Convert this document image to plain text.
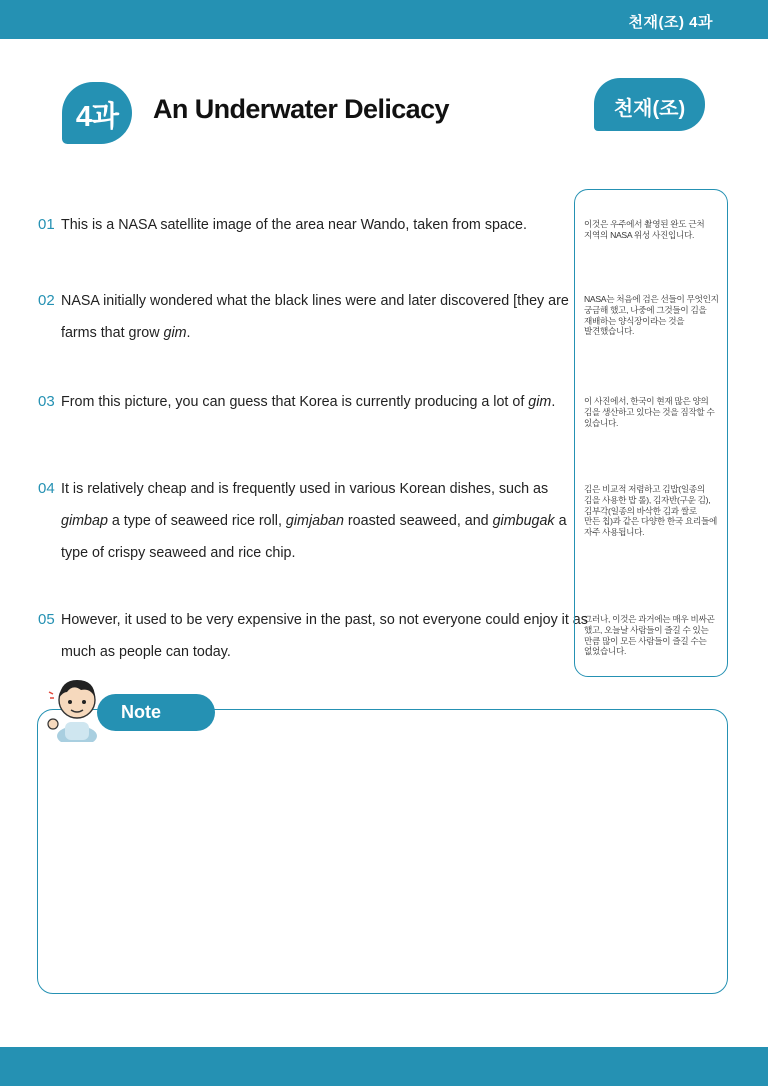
천재(조) 4과
4과	An Underwater Delicacy	천재(조)
01 This is a NASA satellite image of the area near Wando, taken from space.
02 NASA initially wondered what the black lines were and later discovered [they are
farms that grow gim.
03 From this picture, you can guess that Korea is currently producing a lot of gim.
04 It is relatively cheap and is frequently used in various Korean dishes, such as
gimbap a type of seaweed rice roll, gimjaban roasted seaweed, and gimbugak a
type of crispy seaweed and rice chip.
05 However, it used to be very expensive in the past, so not everyone could enjoy it as
much as people can today.
이것은 우주에서 촬영된 완도 근처
지역의 NASA 위성 사진입니다.
NASA는 처음에 검은 선들이 무엇인지
궁금해 했고, 나중에 그것들이 김을
재배하는 양식장이라는 것을
발견했습니다.
이 사진에서, 한국이 현재 많은 양의
김을 생산하고 있다는 것을 짐작할 수
있습니다.
김은 비교적 저렴하고 김밥(일종의
김을 사용한 밥 롤), 김자반(구운 김),
김부각(일종의 바삭한 김과 쌀로
만든 칩)과 같은 다양한 한국 요리들에
자주 사용됩니다.
그러나, 이것은 과거에는 매우 비싸곤
했고, 오늘날 사람들이 즐길 수 있는
만큼 많이 모든 사람들이 즐길 수는
없었습니다.
Note
